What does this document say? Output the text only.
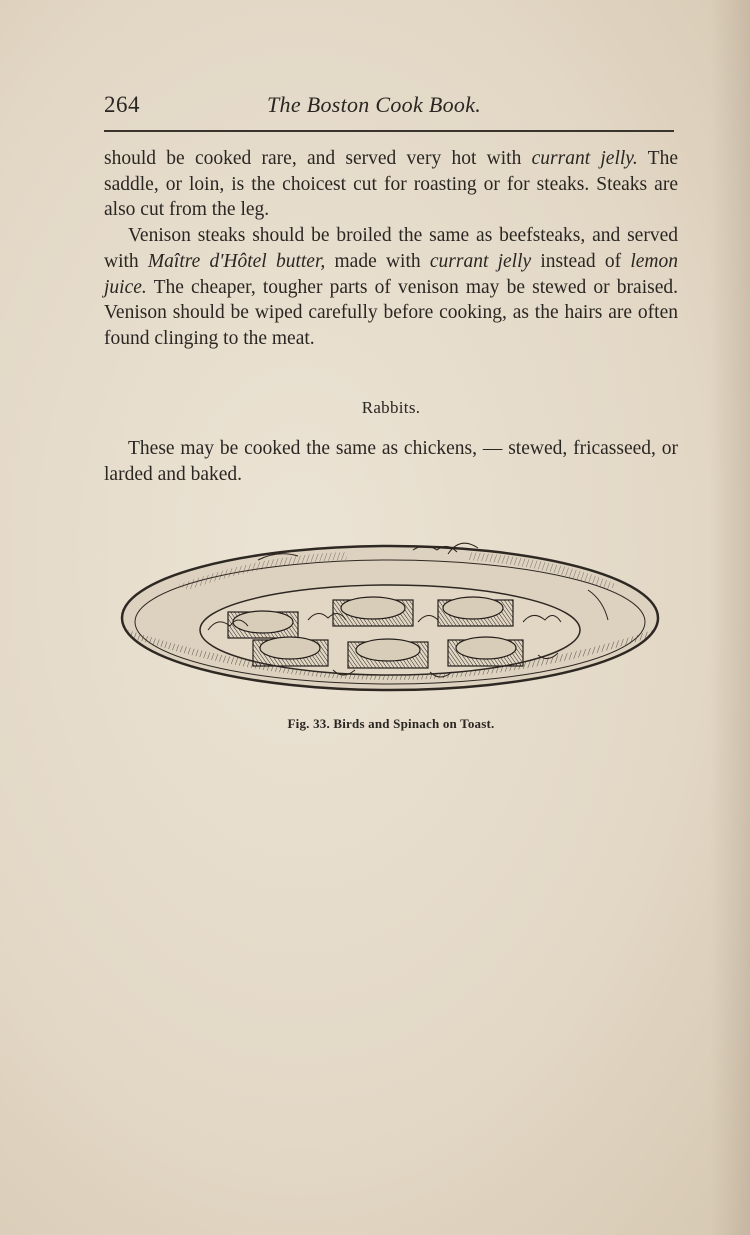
264	The Boston Cook Book.

should be cooked rare, and served very hot with currant jelly. The saddle, or loin, is the choicest cut for roasting or for steaks. Steaks are also cut from the leg.

Venison steaks should be broiled the same as beefsteaks, and served with Maître d'Hôtel butter, made with currant jelly instead of lemon juice. The cheaper, tougher parts of venison may be stewed or braised. Venison should be wiped carefully before cooking, as the hairs are often found clinging to the meat.

Rabbits.

These may be cooked the same as chickens, — stewed, fricasseed, or larded and baked.

Fig. 33. Birds and Spinach on Toast.
